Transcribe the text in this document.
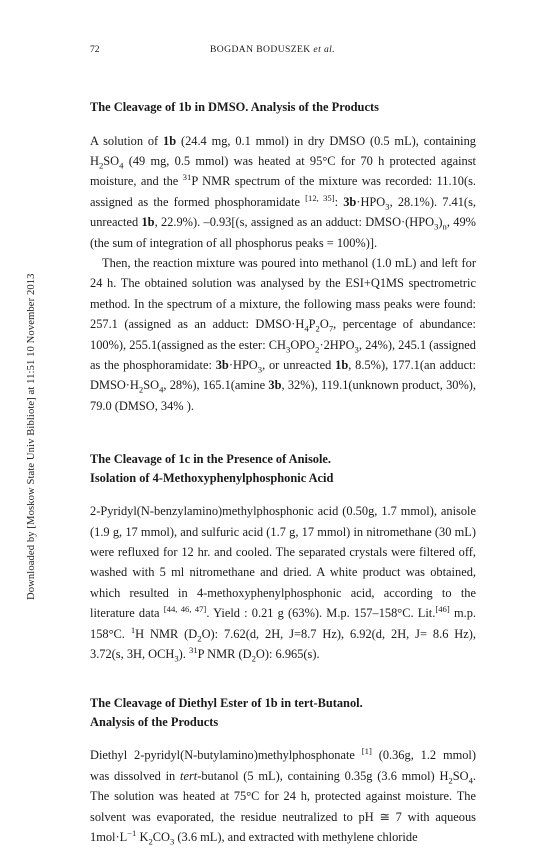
Downloaded by [Moskow State Univ Bibliote] at 11:51 10 November 2013
72	BOGDAN BODUSZEK et al.
The Cleavage of 1b in DMSO. Analysis of the Products

A solution of 1b (24.4 mg, 0.1 mmol) in dry DMSO (0.5 mL), containing $H_2SO_4$ (49 mg, 0.5 mmol) was heated at 95°C for 70 h protected against moisture, and the $^{31}$P NMR spectrum of the mixture was recorded: 11.10(s. assigned as the formed phosphoramidate [12, 35]: $3b\cdot HPO_3$, 28.1%). 7.41(s, unreacted 1b, 22.9%). –0.93[(s, assigned as an adduct: $DMSO\cdot(HPO_3)_n$, 49% (the sum of integration of all phosphorus peaks = 100%)].

Then, the reaction mixture was poured into methanol (1.0 mL) and left for 24 h. The obtained solution was analysed by the ESI+Q1MS spectrometric method. In the spectrum of a mixture, the following mass peaks were found: 257.1 (assigned as an adduct: $DMSO\cdot H_4P_2O_7$, percentage of abundance: 100%), 255.1(assigned as the ester: $CH_3OPO_2\cdot 2HPO_3$, 24%), 245.1 (assigned as the phosphoramidate: $3b\cdot HPO_3$, or unreacted 1b, 8.5%), 177.1(an adduct: $DMSO\cdot H_2SO_4$, 28%), 165.1(amine 3b, 32%), 119.1(unknown product, 30%), 79.0 (DMSO, 34% ).

The Cleavage of 1c in the Presence of Anisole.
Isolation of 4-Methoxyphenylphosphonic Acid

2-Pyridyl(N-benzylamino)methylphosphonic acid (0.50g, 1.7 mmol), anisole (1.9 g, 17 mmol), and sulfuric acid (1.7 g, 17 mmol) in nitromethane (30 mL) were refluxed for 12 hr. and cooled. The separated crystals were filtered off, washed with 5 ml nitromethane and dried. A white product was obtained, which resulted in 4-methoxyphenylphosphonic acid, according to the literature data [44, 46, 47]. Yield : 0.21 g (63%). M.p. 157–158°C. Lit.[46] m.p. 158°C. $^1$H NMR $(D_2O)$: 7.62(d, 2H, J=8.7 Hz), 6.92(d, 2H, J= 8.6 Hz), 3.72(s, 3H, $OCH_3$). $^{31}$P NMR $(D_2O)$: 6.965(s).

The Cleavage of Diethyl Ester of 1b in tert-Butanol.
Analysis of the Products

Diethyl 2-pyridyl(N-butylamino)methylphosphonate [1] (0.36g, 1.2 mmol) was dissolved in tert-butanol (5 mL), containing 0.35g (3.6 mmol) $H_2SO_4$. The solution was heated at 75°C for 24 h, protected against moisture. The solvent was evaporated, the residue neutralized to pH ≅ 7 with aqueous $1mol\cdot L^{-1}$ $K_2CO_3$ (3.6 mL), and extracted with methylene chloride
